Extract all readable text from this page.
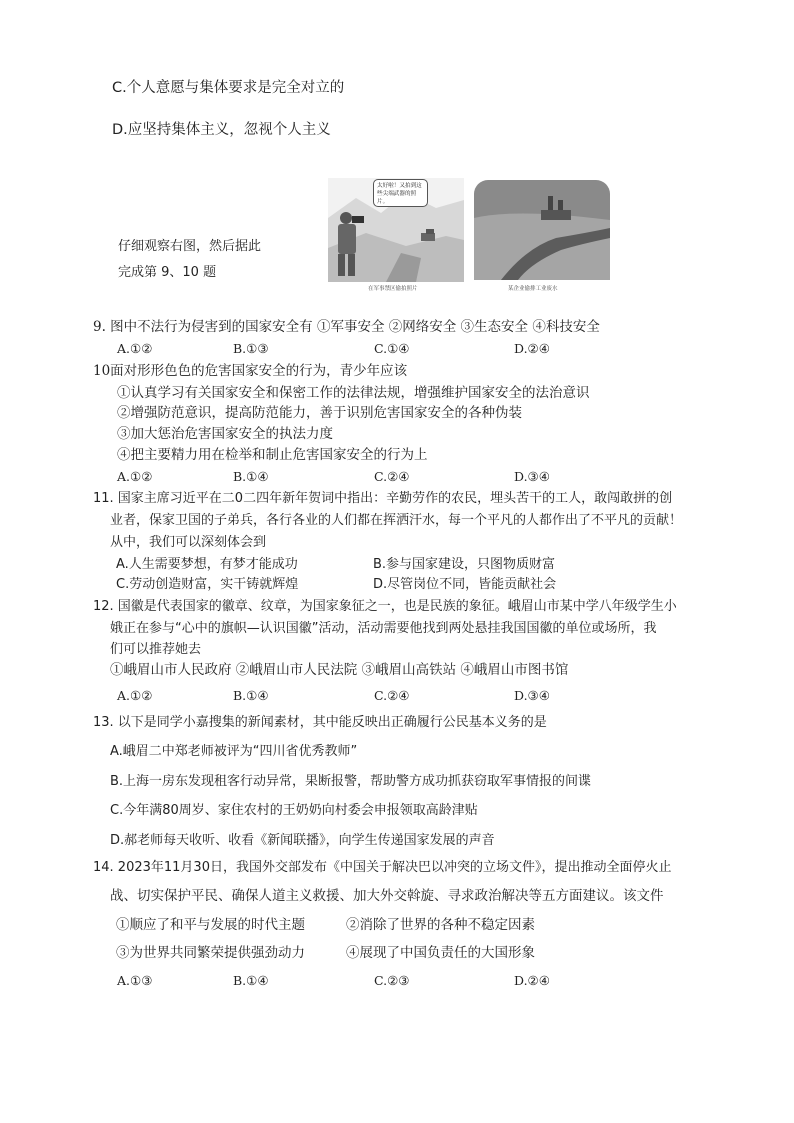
C.个人意愿与集体要求是完全对立的
D.应坚持集体主义，忽视个人主义
仔细观察右图，然后据此
完成第 9、10 题
太好啦！又拍到这些尖端武器的照片。
在军事禁区偷拍照片	某企业偷排工业废水
9. 图中不法行为侵害到的国家安全有 ①军事安全 ②网络安全 ③生态安全 ④科技安全
A.①②	B.①③	C.①④	D.②④
10面对形形色色的危害国家安全的行为，青少年应该
①认真学习有关国家安全和保密工作的法律法规，增强维护国家安全的法治意识
②增强防范意识，提高防范能力，善于识别危害国家安全的各种伪装
③加大惩治危害国家安全的执法力度
④把主要精力用在检举和制止危害国家安全的行为上
A.①②	B.①④	C.②④	D.③④
11. 国家主席习近平在二0二四年新年贺词中指出：辛勤劳作的农民，埋头苦干的工人，敢闯敢拼的创
业者，保家卫国的子弟兵，各行各业的人们都在挥洒汗水，每一个平凡的人都作出了不平凡的贡献！
从中，我们可以深刻体会到
A.人生需要梦想，有梦才能成功	B.参与国家建设，只图物质财富
C.劳动创造财富，实干铸就辉煌	D.尽管岗位不同，皆能贡献社会
12. 国徽是代表国家的徽章、纹章，为国家象征之一，也是民族的象征。峨眉山市某中学八年级学生小
娥正在参与“心中的旗帜—认识国徽”活动，活动需要他找到两处悬挂我国国徽的单位或场所，我
们可以推荐她去
①峨眉山市人民政府 ②峨眉山市人民法院 ③峨眉山高铁站 ④峨眉山市图书馆
A.①②	B.①④	C.②④	D.③④
13. 以下是同学小嘉搜集的新闻素材，其中能反映出正确履行公民基本义务的是
A.峨眉二中郑老师被评为“四川省优秀教师”
B.上海一房东发现租客行动异常，果断报警，帮助警方成功抓获窃取军事情报的间谍
C.今年满80周岁、家住农村的王奶奶向村委会申报领取高龄津贴
D.郝老师每天收听、收看《新闻联播》，向学生传递国家发展的声音
14. 2023年11月30日，我国外交部发布《中国关于解决巴以冲突的立场文件》，提出推动全面停火止
战、切实保护平民、确保人道主义救援、加大外交斡旋、寻求政治解决等五方面建议。该文件
①顺应了和平与发展的时代主题	②消除了世界的各种不稳定因素
③为世界共同繁荣提供强劲动力	④展现了中国负责任的大国形象
A.①③	B.①④	C.②③	D.②④
